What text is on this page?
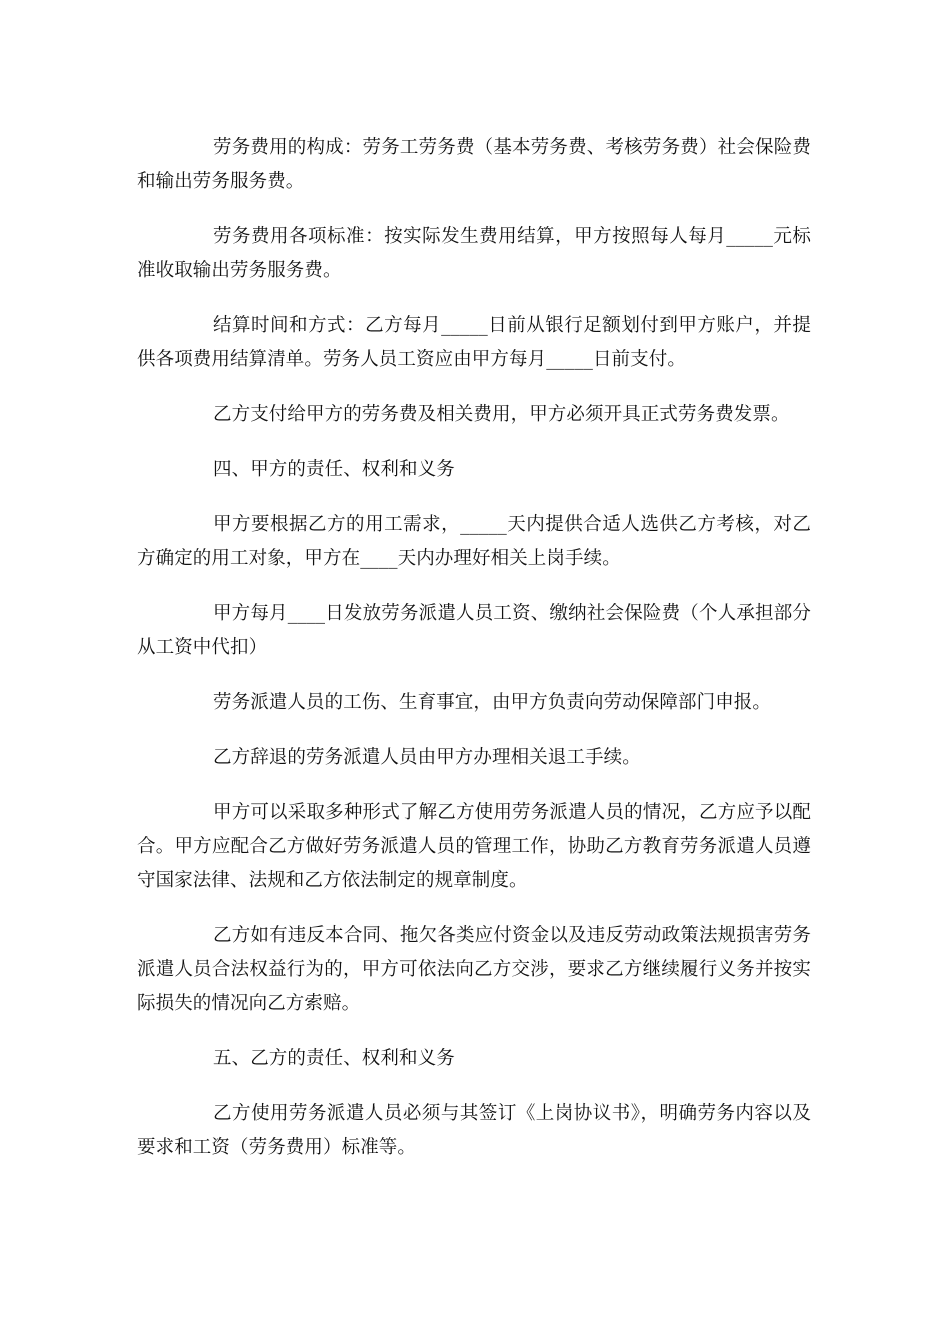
劳务费用的构成：劳务工劳务费（基本劳务费、考核劳务费）社会保险费和输出劳务服务费。

劳务费用各项标准：按实际发生费用结算，甲方按照每人每月_____元标准收取输出劳务服务费。

结算时间和方式：乙方每月_____日前从银行足额划付到甲方账户，并提供各项费用结算清单。劳务人员工资应由甲方每月_____日前支付。

乙方支付给甲方的劳务费及相关费用，甲方必须开具正式劳务费发票。

四、甲方的责任、权利和义务

甲方要根据乙方的用工需求，_____天内提供合适人选供乙方考核，对乙方确定的用工对象，甲方在____天内办理好相关上岗手续。

甲方每月____日发放劳务派遣人员工资、缴纳社会保险费（个人承担部分从工资中代扣）

劳务派遣人员的工伤、生育事宜，由甲方负责向劳动保障部门申报。

乙方辞退的劳务派遣人员由甲方办理相关退工手续。

甲方可以采取多种形式了解乙方使用劳务派遣人员的情况，乙方应予以配合。甲方应配合乙方做好劳务派遣人员的管理工作，协助乙方教育劳务派遣人员遵守国家法律、法规和乙方依法制定的规章制度。

乙方如有违反本合同、拖欠各类应付资金以及违反劳动政策法规损害劳务派遣人员合法权益行为的，甲方可依法向乙方交涉，要求乙方继续履行义务并按实际损失的情况向乙方索赔。

五、乙方的责任、权利和义务

乙方使用劳务派遣人员必须与其签订《上岗协议书》，明确劳务内容以及要求和工资（劳务费用）标准等。
